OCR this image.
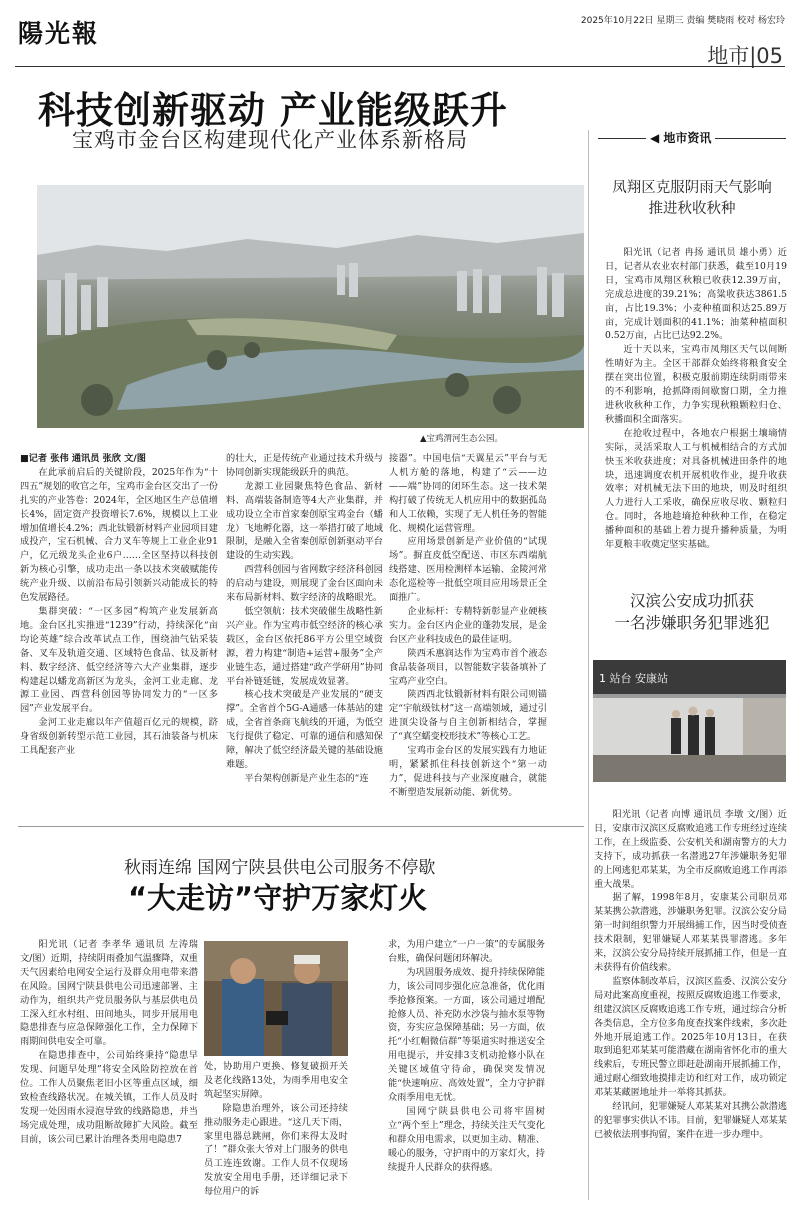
陽光報	2025年10月22日 星期三 责编 樊晓雨 校对 杨宏玲
地市|05
科技创新驱动 产业能级跃升
宝鸡市金台区构建现代化产业体系新格局
▲宝鸡渭河生态公园。

■记者 张伟 通讯员 张欣 文/图

在此承前启后的关键阶段，2025年作为“十四五”规划的收官之年，宝鸡市金台区交出了一份扎实的产业答卷：2024年，全区地区生产总值增长4%，固定资产投资增长7.6%，规模以上工业增加值增长4.2%；西北钛锻新材料产业园项目建成投产，宝石机械、合力叉车等规上工业企业91户，亿元级龙头企业6户……全区坚持以科技创新为核心引擎，成功走出一条以技术突破赋能传统产业升级、以前沿布局引领新兴动能成长的特色发展路径。

集群突破：“一区多园”构筑产业发展新高地。金台区扎实推进“1239”行动，持续深化“亩均论英雄”综合改革试点工作，围绕油气钻采装备、叉车及轨道交通、区域特色食品、钛及新材料、数字经济、低空经济等六大产业集群，逐步构建起以蟠龙高新区为龙头，金河工业走廊、龙源工业园、西营科创园等协同发力的“一区多园”产业发展平台。

金河工业走廊以年产值超百亿元的规模，跻身省级创新转型示范工业园，其石油装备与机床工具配套产业

的壮大，正是传统产业通过技术升级与协同创新实现能级跃升的典范。

龙源工业园聚焦特色食品、新材料、高端装备制造等4大产业集群，并成功设立全市首家秦创原宝鸡金台（蟠龙）飞地孵化器，这一举措打破了地域限制，是融入全省秦创原创新驱动平台建设的生动实践。

西营科创园与省网数字经济科创园的启动与建设，则展现了金台区面向未来布局新材料、数字经济的战略眼光。

低空领航：技术突破催生战略性新兴产业。作为宝鸡市低空经济的核心承载区，金台区依托86平方公里空域资源，着力构建“制造+运营+服务”全产业链生态，通过搭建“政产学研用”协同平台补链延链，发展成效显著。

核心技术突破是产业发展的“硬支撑”。全省首个5G-A通感一体基站的建成，全省首条商飞航线的开通，为低空飞行提供了稳定、可靠的通信和感知保障，解决了低空经济最关键的基础设施难题。

平台架构创新是产业生态的“连

接器”。中国电信“天翼星云”平台与无人机方舱的落地，构建了“云——边——端”协同的闭环生态。这一技术架构打破了传统无人机应用中的数据孤岛和人工依赖，实现了无人机任务的智能化、规模化运营管理。

应用场景创新是产业价值的“试现场”。摒直皮低空配送、市区东西端航线搭建、医用检测样本运输、金陵河常态化巡检等一批低空项目应用场景正全面推广。

企业标杆：专精特新彰显产业硬核实力。金台区内企业的蓬勃发展，是金台区产业科技成色的最佳证明。

陕西禾惠润达作为宝鸡市首个液态食品装备项目，以智能数字装备填补了宝鸡产业空白。

陕西西北钛锻新材料有限公司则锚定“宇航级钛材”这一高端领域，通过引进顶尖设备与自主创新相结合，掌握了“真空蠕变校形技术”等核心工艺。

宝鸡市金台区的发展实践有力地证明，紧紧抓住科技创新这个“第一动力”，促进科技与产业深度融合，就能不断塑造发展新动能、新优势。

◀ 地市资讯
凤翔区克服阴雨天气影响
推进秋收秋种

阳光讯（记者 冉扬 通讯员 雄小勇）近日，记者从农业农村部门获悉，截至10月19日，宝鸡市凤翔区秋粮已收获12.39万亩，完成总进度的39.21%；高粱收获达3861.5亩，占比19.3%；小麦种植面积达25.89万亩，完成计划面积的41.1%；油菜种植面积0.52万亩，占比已达92.2%。

近十天以来，宝鸡市凤翔区天气以间断性晴好为主。全区干部群众始终将粮食安全摆在突出位置，积极克服前期连续阴雨带来的不利影响，抢抓降雨间歇窗口期，全力推进秋收秋种工作，力争实现秋粮颗粒归仓、秋播面积全面落实。

在抢收过程中，各地农户根据土壤墒情实际，灵活采取人工与机械相结合的方式加快玉米收获进度；对具备机械进田条件的地块，迅速调度农机开展机收作业，提升收获效率；对机械无法下田的地块，则及时组织人力进行人工采收，确保应收尽收、颗粒归仓。同时，各地趁墒抢种秋种工作，在稳定播种面积的基础上着力提升播种质量，为明年夏粮丰收奠定坚实基础。

汉滨公安成功抓获
一名涉嫌职务犯罪逃犯
1 站台 安康站

阳光讯（记者 向博 通讯员 李墩 文/图）近日，安康市汉滨区反腐败追逃工作专班经过连续工作，在上级监委、公安机关和湖南警方的大力支持下，成功抓获一名潜逃27年涉嫌职务犯罪的上网逃犯邓某某，为全市反腐败追逃工作再添重大战果。

据了解，1998年8月，安康某公司职员邓某某携公款潜逃，涉嫌职务犯罪。汉滨公安分局第一时间组织警力开展缉捕工作，因当时受侦查技术限制，犯罪嫌疑人邓某某畏罪潜逃。多年来，汉滨公安分局持续开展抓捕工作，但是一直未获得有价值线索。

监察体制改革后，汉滨区监委、汉滨公安分局对此案高度重视，按照反腐败追逃工作要求，组建汉滨区反腐败追逃工作专班，通过综合分析各类信息，全方位多角度查找案件线索，多次赴外地开展追逃工作。2025年10月13日，在获取到追犯邓某某可能潜藏在湖南省怀化市的重大线索后，专班民警立即赶赴湖南开展抓捕工作，通过耐心细致地摸排走访和红对工作，成功锁定邓某某藏匿地址并一举将其抓获。

经讯问，犯罪嫌疑人邓某某对其携公款潜逃的犯罪事实供认不讳。目前，犯罪嫌疑人邓某某已被依法刑事拘留，案件在进一步办理中。

秋雨连绵 国网宁陕县供电公司服务不停歇
“大走访”守护万家灯火

阳光讯（记者 李孝华 通讯员 左涛瑞 文/图）近期，持续阴雨叠加气温骤降，双重天气因素给电网安全运行及群众用电带来潜在风险。国网宁陕县供电公司迅速部署、主动作为，组织共产党员服务队与基层供电员工深入红水村组、田间地头，同步开展用电隐患排查与应急保障强化工作，全力保障下雨期间供电安全可靠。

在隐患排查中，公司始终秉持“隐患早发现、问题早处理”将安全风险防控放在首位。工作人员聚焦老旧小区等重点区域，细致检查线路状况。在城关镇，工作人员及时发现一处因雨水浸泡导致的线路隐患，并当场完成处理，成功阻断故障扩大风险。截至目前，该公司已累计治理各类用电隐患7

处，协助用户更换、修复破损开关及老化线路13处，为雨季用电安全筑起坚实屏障。

除隐患治理外，该公司还持续推动服务走心跟进。“这几天下雨，家里电器总跳闸，你们来得太及时了！”群众张大爷对上门服务的供电员工连连致谢。工作人员不仅现场发放安全用电手册，还详细记录下每位用户的诉

求，为用户建立“一户一策”的专属服务台账，确保问题闭环解决。

为巩固服务成效、提升持续保障能力，该公司同步强化应急准备，优化雨季抢修预案。一方面，该公司通过增配抢修人员、补充防水沙袋与抽水泵等物资，夯实应急保障基础；另一方面，依托“小红帽微信群”等渠道实时推送安全用电提示，并安排3支机动抢修小队在关键区域值守待命，确保突发情况能“快速响应、高效处置”，全力守护群众雨季用电无忧。

国网宁陕县供电公司将牢固树立“两个至上”理念，持续关注天气变化和群众用电需求，以更加主动、精准、暖心的服务，守护雨中的万家灯火，持续提升人民群众的获得感。
